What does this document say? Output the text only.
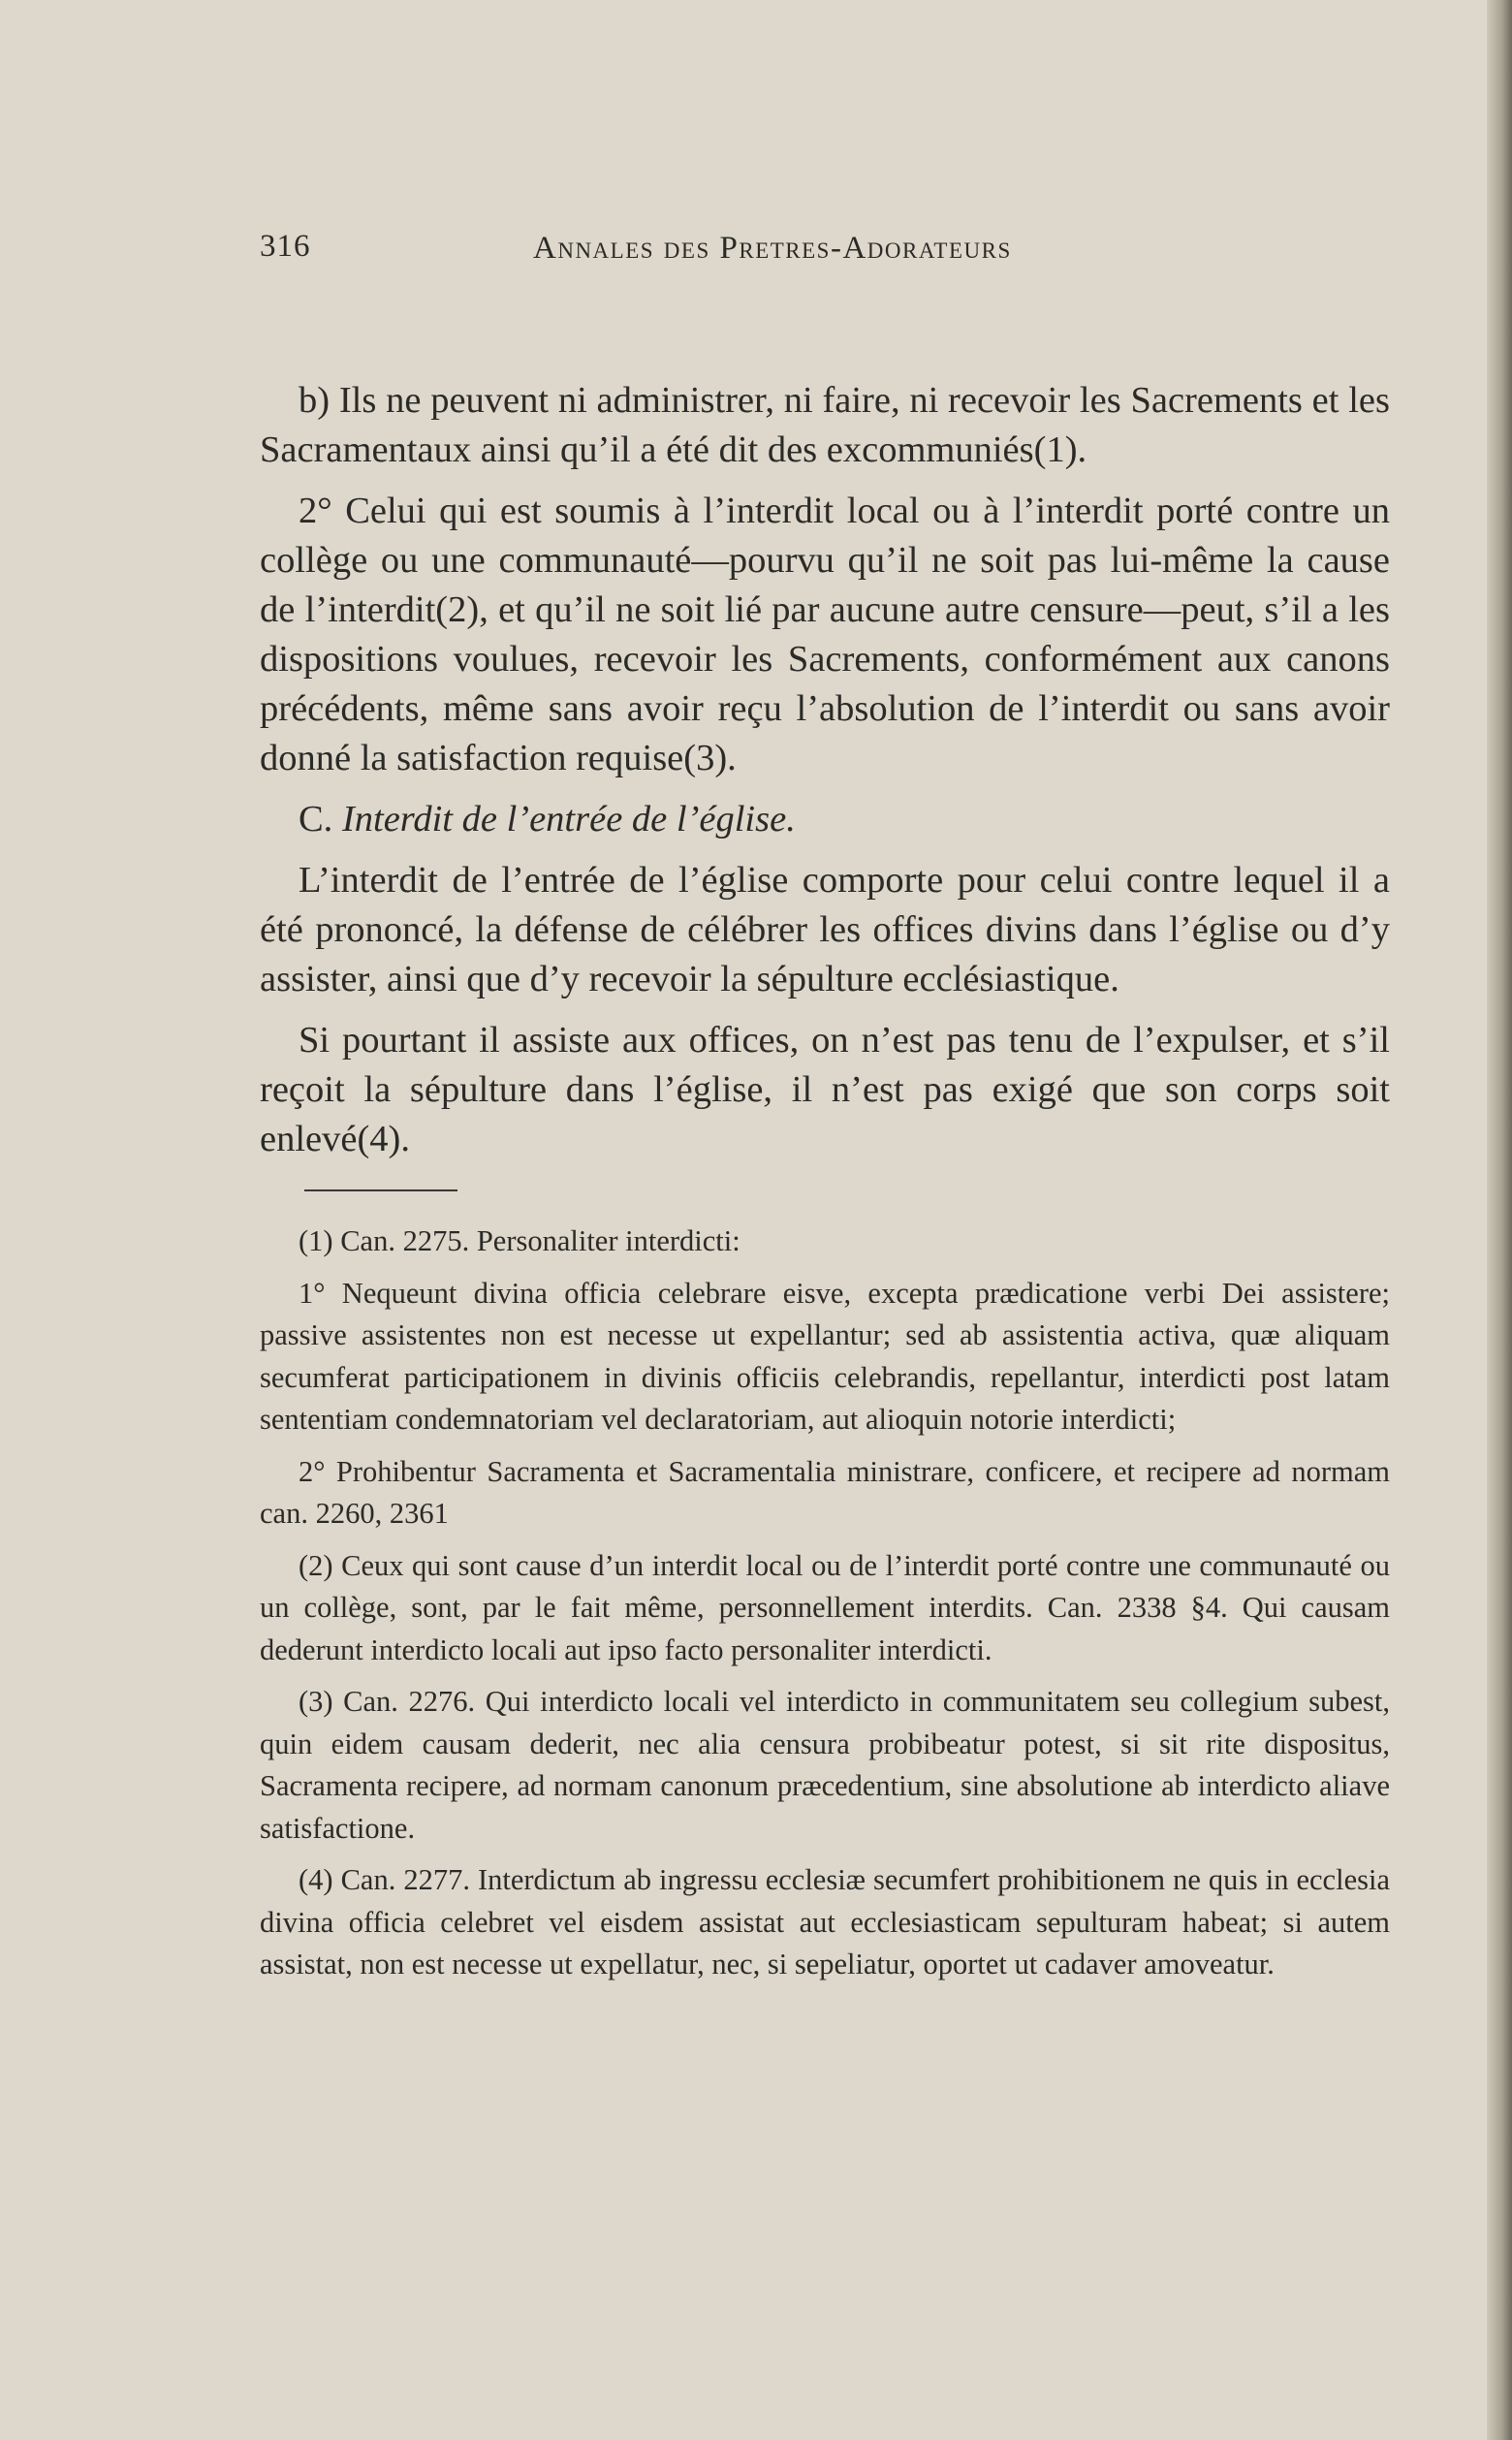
316	Annales des Pretres-Adorateurs

b) Ils ne peuvent ni administrer, ni faire, ni recevoir les Sacrements et les Sacramentaux ainsi qu’il a été dit des excommuniés(1).

2° Celui qui est soumis à l’interdit local ou à l’interdit porté contre un collège ou une communauté—pourvu qu’il ne soit pas lui-même la cause de l’interdit(2), et qu’il ne soit lié par aucune autre censure—peut, s’il a les dispositions voulues, recevoir les Sacrements, conformément aux canons précédents, même sans avoir reçu l’absolution de l’interdit ou sans avoir donné la satisfaction requise(3).

C. Interdit de l’entrée de l’église.

L’interdit de l’entrée de l’église comporte pour celui contre lequel il a été prononcé, la défense de célébrer les offices divins dans l’église ou d’y assister, ainsi que d’y recevoir la sépulture ecclésiastique.

Si pourtant il assiste aux offices, on n’est pas tenu de l’expulser, et s’il reçoit la sépulture dans l’église, il n’est pas exigé que son corps soit enlevé(4).

(1) Can. 2275. Personaliter interdicti:

1° Nequeunt divina officia celebrare eisve, excepta prædicatione verbi Dei assistere; passive assistentes non est necesse ut expellantur; sed ab assistentia activa, quæ aliquam secumferat participationem in divinis officiis celebrandis, repellantur, interdicti post latam sententiam condemnatoriam vel declaratoriam, aut alioquin notorie interdicti;

2° Prohibentur Sacramenta et Sacramentalia ministrare, conficere, et recipere ad normam can. 2260, 2361

(2) Ceux qui sont cause d’un interdit local ou de l’interdit porté contre une communauté ou un collège, sont, par le fait même, personnellement interdits. Can. 2338 §4. Qui causam dederunt interdicto locali aut ipso facto personaliter interdicti.

(3) Can. 2276. Qui interdicto locali vel interdicto in communitatem seu collegium subest, quin eidem causam dederit, nec alia censura probibeatur potest, si sit rite dispositus, Sacramenta recipere, ad normam canonum præcedentium, sine absolutione ab interdicto aliave satisfactione.

(4) Can. 2277. Interdictum ab ingressu ecclesiæ secumfert prohibitionem ne quis in ecclesia divina officia celebret vel eisdem assistat aut ecclesiasticam sepulturam habeat; si autem assistat, non est necesse ut expellatur, nec, si sepeliatur, oportet ut cadaver amoveatur.
